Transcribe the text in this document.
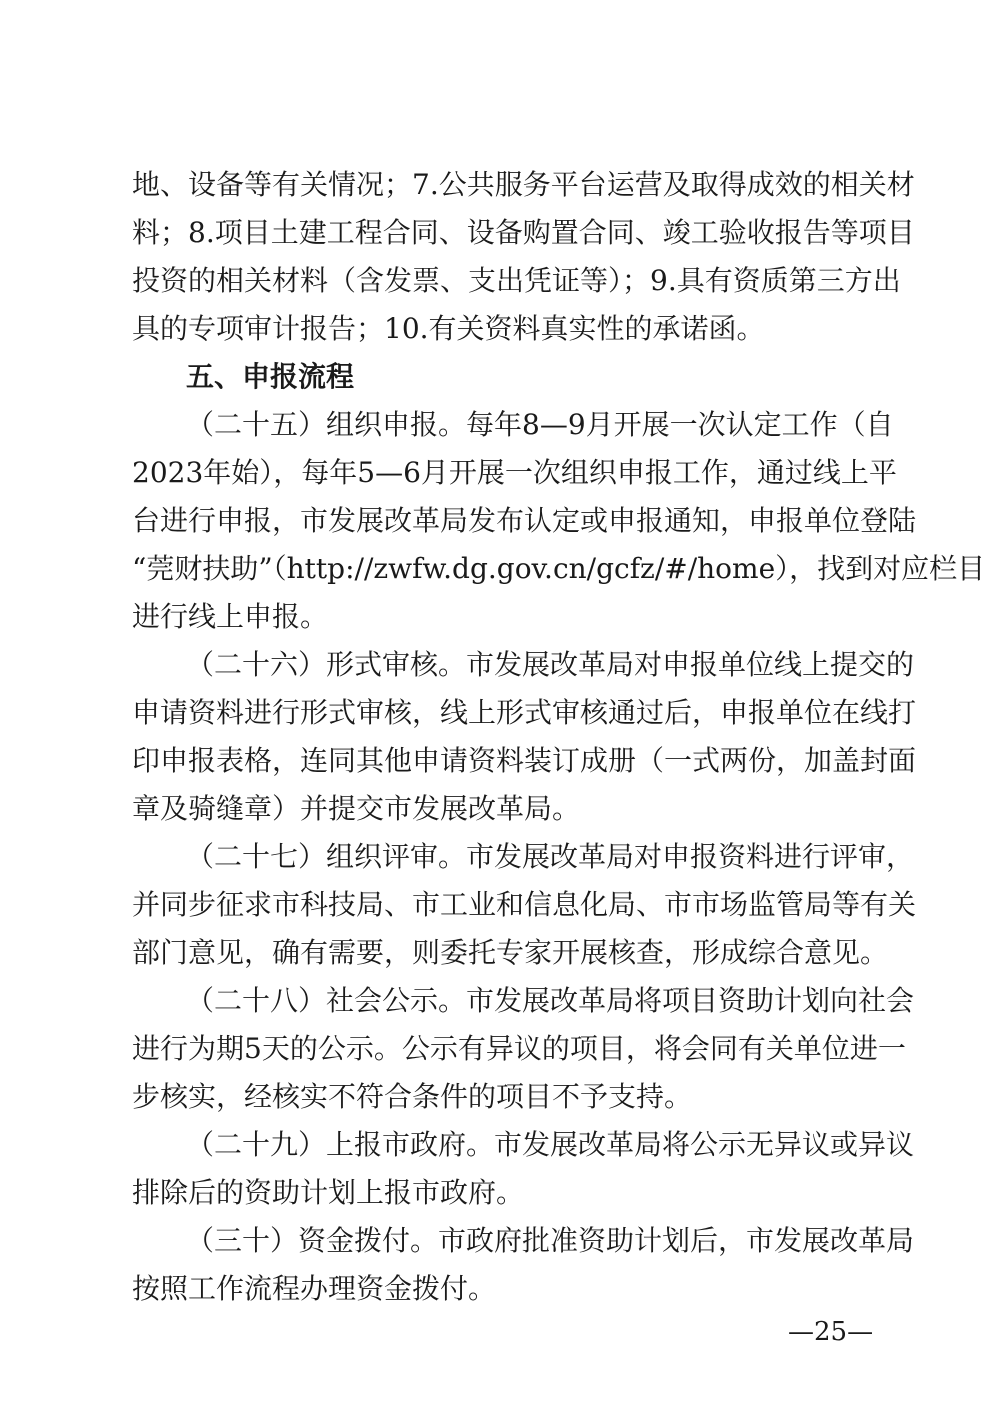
地、设备等有关情况；7.公共服务平台运营及取得成效的相关材
料；8.项目土建工程合同、设备购置合同、竣工验收报告等项目
投资的相关材料（含发票、支出凭证等）；9.具有资质第三方出
具的专项审计报告；10.有关资料真实性的承诺函。
五、申报流程
（二十五）组织申报。每年8—9月开展一次认定工作（自
2023年始），每年5—6月开展一次组织申报工作，通过线上平
台进行申报，市发展改革局发布认定或申报通知，申报单位登陆
“莞财扶助”（http://zwfw.dg.gov.cn/gcfz/#/home），找到对应栏目
进行线上申报。
（二十六）形式审核。市发展改革局对申报单位线上提交的
申请资料进行形式审核，线上形式审核通过后，申报单位在线打
印申报表格，连同其他申请资料装订成册（一式两份，加盖封面
章及骑缝章）并提交市发展改革局。
（二十七）组织评审。市发展改革局对申报资料进行评审，
并同步征求市科技局、市工业和信息化局、市市场监管局等有关
部门意见，确有需要，则委托专家开展核查，形成综合意见。
（二十八）社会公示。市发展改革局将项目资助计划向社会
进行为期5天的公示。公示有异议的项目，将会同有关单位进一
步核实，经核实不符合条件的项目不予支持。
（二十九）上报市政府。市发展改革局将公示无异议或异议
排除后的资助计划上报市政府。
（三十）资金拨付。市政府批准资助计划后，市发展改革局
按照工作流程办理资金拨付。
—25—
